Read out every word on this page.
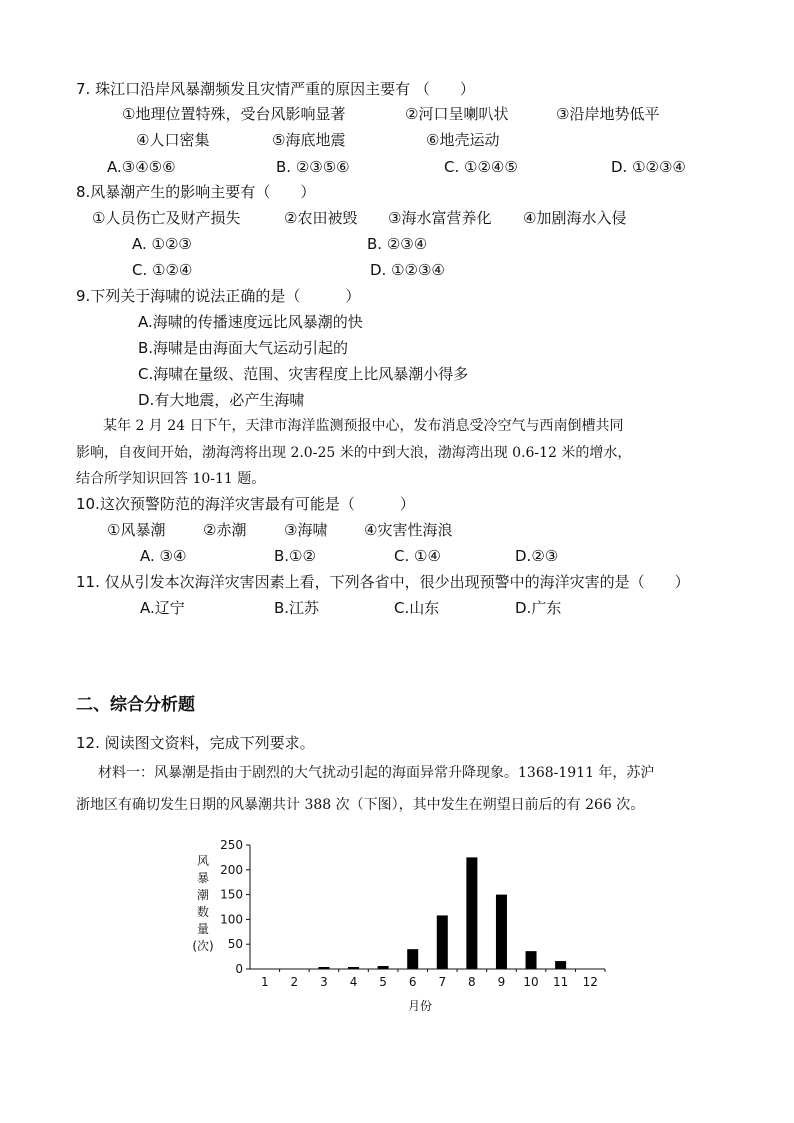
7. 珠江口沿岸风暴潮频发且灾情严重的原因主要有 （　　）
①地理位置特殊，受台风影响显著	②河口呈喇叭状	③沿岸地势低平
④人口密集	⑤海底地震	⑥地壳运动
A.③④⑤⑥	B. ②③⑤⑥	C. ①②④⑤	D. ①②③④
8.风暴潮产生的影响主要有（　　）
①人员伤亡及财产损失	②农田被毁 ③海水富营养化 ④加剧海水入侵
A. ①②③	B. ②③④
C. ①②④	D. ①②③④
9.下列关于海啸的说法正确的是（　　　）
A.海啸的传播速度远比风暴潮的快
B.海啸是由海面大气运动引起的
C.海啸在量级、范围、灾害程度上比风暴潮小得多
D.有大地震，必产生海啸
某年 2 月 24 日下午，天津市海洋监测预报中心，发布消息受冷空气与西南倒槽共同
影响，自夜间开始，渤海湾将出现 2.0-25 米的中到大浪，渤海湾出现 0.6-12 米的增水，
结合所学知识回答 10-11 题。
10.这次预警防范的海洋灾害最有可能是（　　　）
①风暴潮	②赤潮	③海啸 ④灾害性海浪
A. ③④	B.①②	C. ①④	D.②③
11. 仅从引发本次海洋灾害因素上看，下列各省中，很少出现预警中的海洋灾害的是（　　）
A.辽宁	B.江苏	C.山东	D.广东
二、综合分析题
12. 阅读图文资料，完成下列要求。
材料一：风暴潮是指由于剧烈的大气扰动引起的海面异常升降现象。1368-1911 年，苏沪
浙地区有确切发生日期的风暴潮共计 388 次（下图），其中发生在朔望日前后的有 266 次。
风
暴
潮
数
量
(次)
0
50
100
150
200
250
1 2 3 4 5 6 7 8 9 10 11 12
月份
